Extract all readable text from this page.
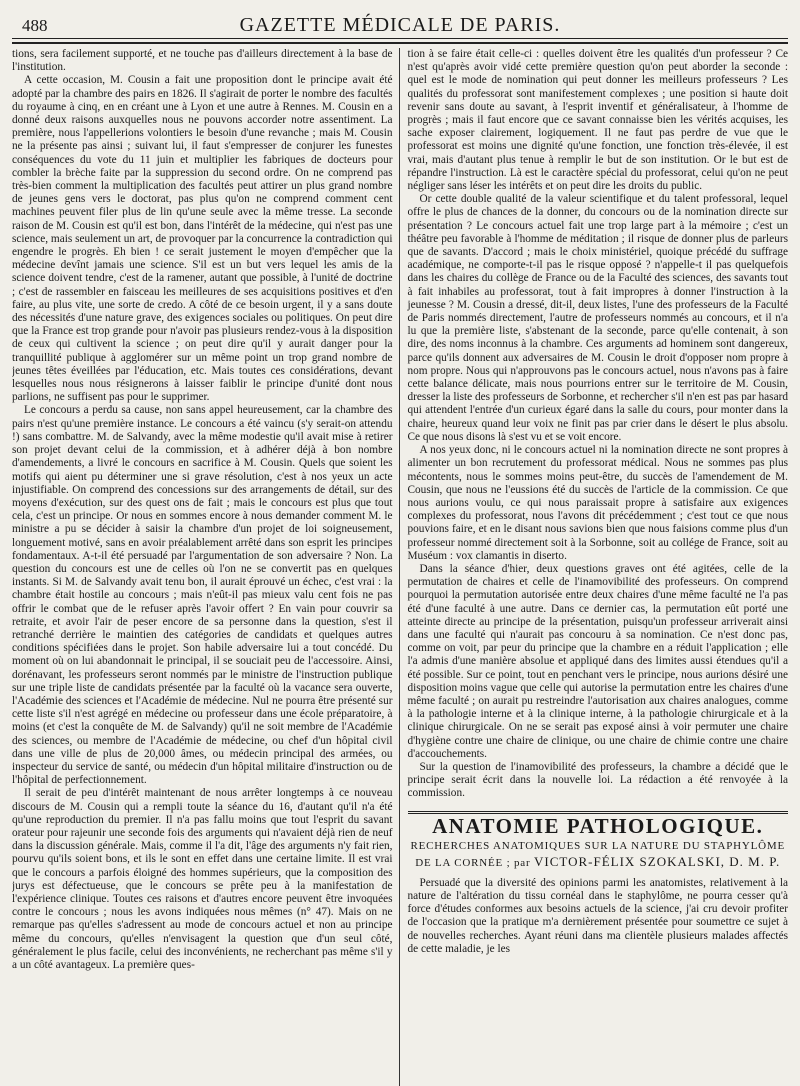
488	GAZETTE MÉDICALE DE PARIS.

tions, sera facilement supporté, et ne touche pas d'ailleurs directement à la base de l'institution.

A cette occasion, M. Cousin a fait une proposition dont le principe avait été adopté par la chambre des pairs en 1826. Il s'agirait de porter le nombre des facultés du royaume à cinq, en en créant une à Lyon et une autre à Rennes. M. Cousin en a donné deux raisons auxquelles nous ne pouvons accorder notre assentiment. La première, nous l'appellerions volontiers le besoin d'une revanche ; mais M. Cousin ne la présente pas ainsi ; suivant lui, il faut s'empresser de conjurer les funestes conséquences du vote du 11 juin et multiplier les fabriques de docteurs pour combler la brèche faite par la suppression du second ordre. On ne comprend pas très-bien comment la multiplication des facultés peut attirer un plus grand nombre de jeunes gens vers le doctorat, pas plus qu'on ne comprend comment cent machines peuvent filer plus de lin qu'une seule avec la même tresse. La seconde raison de M. Cousin est qu'il est bon, dans l'intérêt de la médecine, qui n'est pas une science, mais seulement un art, de provoquer par la concurrence la contradiction qui engendre le progrès. Eh bien ! ce serait justement le moyen d'empêcher que la médecine devînt jamais une science. S'il est un but vers lequel les amis de la science doivent tendre, c'est de la ramener, autant que possible, à l'unité de doctrine ; c'est de rassembler en faisceau les meilleures de ses acquisitions positives et d'en faire, au plus vite, une sorte de credo. A côté de ce besoin urgent, il y a sans doute des nécessités d'une nature grave, des exigences sociales ou politiques. On peut dire que la France est trop grande pour n'avoir pas plusieurs rendez-vous à la disposition de ceux qui cultivent la science ; on peut dire qu'il y aurait danger pour la tranquillité publique à agglomérer sur un même point un trop grand nombre de jeunes têtes éveillées par l'éducation, etc. Mais toutes ces considérations, devant lesquelles nous nous résignerons à laisser faiblir le principe d'unité dont nous parlions, ne suffisent pas pour le supprimer.

Le concours a perdu sa cause, non sans appel heureusement, car la chambre des pairs n'est qu'une première instance. Le concours a été vaincu (s'y serait-on attendu !) sans combattre. M. de Salvandy, avec la même modestie qu'il avait mise à retirer son projet devant celui de la commission, et à adhérer déjà à bon nombre d'amendements, a livré le concours en sacrifice à M. Cousin. Quels que soient les motifs qui aient pu déterminer une si grave résolution, c'est à nos yeux un acte injustifiable. On comprend des concessions sur des arrangements de détail, sur des moyens d'exécution, sur des quest ons de fait ; mais le concours est plus que tout cela, c'est un principe. Or nous en sommes encore à nous demander comment M. le ministre a pu se décider à saisir la chambre d'un projet de loi soigneusement, longuement motivé, sans en avoir préalablement arrêté dans son esprit les principes fondamentaux. A-t-il été persuadé par l'argumentation de son adversaire ? Non. La question du concours est une de celles où l'on ne se convertit pas en quelques instants. Si M. de Salvandy avait tenu bon, il aurait éprouvé un échec, c'est vrai : la chambre était hostile au concours ; mais n'eût-il pas mieux valu cent fois ne pas offrir le combat que de le refuser après l'avoir offert ? En vain pour couvrir sa retraite, et avoir l'air de peser encore de sa personne dans la question, s'est il retranché derrière le maintien des catégories de candidats et quelques autres conditions spécifiées dans le projet. Son habile adversaire lui a tout concédé. Du moment où on lui abandonnait le principal, il se souciait peu de l'accessoire. Ainsi, dorénavant, les professeurs seront nommés par le ministre de l'instruction publique sur une triple liste de candidats présentée par la faculté où la vacance sera ouverte, l'Académie des sciences et l'Académie de médecine. Nul ne pourra être présenté sur cette liste s'il n'est agrégé en médecine ou professeur dans une école préparatoire, à moins (et c'est la conquête de M. de Salvandy) qu'il ne soit membre de l'Académie des sciences, ou membre de l'Académie de médecine, ou chef d'un hôpital civil dans une ville de plus de 20,000 âmes, ou médecin principal des armées, ou inspecteur du service de santé, ou médecin d'un hôpital militaire d'instruction ou de l'hôpital de perfectionnement.

Il serait de peu d'intérêt maintenant de nous arrêter longtemps à ce nouveau discours de M. Cousin qui a rempli toute la séance du 16, d'autant qu'il n'a été qu'une reproduction du premier. Il n'a pas fallu moins que tout l'esprit du savant orateur pour rajeunir une seconde fois des arguments qui n'avaient déjà rien de neuf dans la discussion générale. Mais, comme il l'a dit, l'âge des arguments n'y fait rien, pourvu qu'ils soient bons, et ils le sont en effet dans une certaine limite. Il est vrai que le concours a parfois éloigné des hommes supérieurs, que la composition des jurys est défectueuse, que le concours se prête peu à la manifestation de l'expérience clinique. Toutes ces raisons et d'autres encore peuvent être invoquées contre le concours ; nous les avons indiquées nous mêmes (n° 47). Mais on ne remarque pas qu'elles s'adressent au mode de concours actuel et non au principe même du concours, qu'elles n'envisagent la question que d'un seul côté, généralement le plus facile, celui des inconvénients, ne recherchant pas même s'il y a un côté avantageux. La première ques-

tion à se faire était celle-ci : quelles doivent être les qualités d'un professeur ? Ce n'est qu'après avoir vidé cette première question qu'on peut aborder la seconde : quel est le mode de nomination qui peut donner les meilleurs professeurs ? Les qualités du professorat sont manifestement complexes ; une position si haute doit revenir sans doute au savant, à l'esprit inventif et généralisateur, à l'homme de progrès ; mais il faut encore que ce savant connaisse bien les vérités acquises, les sache exposer clairement, logiquement. Il ne faut pas perdre de vue que le professorat est moins une dignité qu'une fonction, une fonction très-élevée, il est vrai, mais d'autant plus tenue à remplir le but de son institution. Or le but est de répandre l'instruction. Là est le caractère spécial du professorat, celui qu'on ne peut négliger sans léser les intérêts et on peut dire les droits du public.

Or cette double qualité de la valeur scientifique et du talent professoral, lequel offre le plus de chances de la donner, du concours ou de la nomination directe sur présentation ? Le concours actuel fait une trop large part à la mémoire ; c'est un théâtre peu favorable à l'homme de méditation ; il risque de donner plus de parleurs que de savants. D'accord ; mais le choix ministériel, quoique précédé du suffrage académique, ne comporte-t-il pas le risque opposé ? n'appelle-t il pas quelquefois dans les chaires du collège de France ou de la Faculté des sciences, des savants tout à fait inhabiles au professorat, tout à fait impropres à donner l'instruction à la jeunesse ? M. Cousin a dressé, dit-il, deux listes, l'une des professeurs de la Faculté de Paris nommés directement, l'autre de professeurs nommés au concours, et il n'a lu que la première liste, s'abstenant de la seconde, parce qu'elle contenait, à son dire, des noms inconnus à la chambre. Ces arguments ad hominem sont dangereux, parce qu'ils donnent aux adversaires de M. Cousin le droit d'opposer nom propre à nom propre. Nous qui n'approuvons pas le concours actuel, nous n'avons pas à faire cette balance délicate, mais nous pourrions entrer sur le territoire de M. Cousin, dresser la liste des professeurs de Sorbonne, et rechercher s'il n'en est pas par hasard qui attendent l'entrée d'un curieux égaré dans la salle du cours, pour monter dans la chaire, heureux quand leur voix ne finit pas par crier dans le désert le plus absolu. Ce que nous disons là s'est vu et se voit encore.

A nos yeux donc, ni le concours actuel ni la nomination directe ne sont propres à alimenter un bon recrutement du professorat médical. Nous ne sommes pas plus mécontents, nous le sommes moins peut-être, du succès de l'amendement de M. Cousin, que nous ne l'eussions été du succès de l'article de la commission. Ce que nous aurions voulu, ce qui nous paraissait propre à satisfaire aux exigences complexes du professorat, nous l'avons dit précédemment ; c'est tout ce que nous pouvions faire, et en le disant nous savions bien que nous faisions comme plus d'un professeur nommé directement soit à la Sorbonne, soit au collége de France, soit au Muséum : vox clamantis in diserto.

Dans la séance d'hier, deux questions graves ont été agitées, celle de la permutation de chaires et celle de l'inamovibilité des professeurs. On comprend pourquoi la permutation autorisée entre deux chaires d'une même faculté ne l'a pas été d'une faculté à une autre. Dans ce dernier cas, la permutation eût porté une atteinte directe au principe de la présentation, puisqu'un professeur arriverait ainsi dans une faculté qui n'aurait pas concouru à sa nomination. Ce n'est donc pas, comme on voit, par peur du principe que la chambre en a réduit l'application ; elle l'a admis d'une manière absolue et appliqué dans des limites aussi étendues qu'il a été possible. Sur ce point, tout en penchant vers le principe, nous aurions désiré une disposition moins vague que celle qui autorise la permutation entre les chaires d'une même faculté ; on aurait pu restreindre l'autorisation aux chaires analogues, comme à la pathologie interne et à la clinique interne, à la pathologie chirurgicale et à la clinique chirurgicale. On ne se serait pas exposé ainsi à voir permuter une chaire d'hygiène contre une chaire de clinique, ou une chaire de chimie contre une chaire d'accouchements.

Sur la question de l'inamovibilité des professeurs, la chambre a décidé que le principe serait écrit dans la nouvelle loi. La rédaction a été renvoyée à la commission.

ANATOMIE PATHOLOGIQUE.
RECHERCHES ANATOMIQUES SUR LA NATURE DU STAPHYLÔME
DE LA CORNÉE ; par VICTOR-FÉLIX SZOKALSKI, D. M. P.

Persuadé que la diversité des opinions parmi les anatomistes, relativement à la nature de l'altération du tissu cornéal dans le staphylôme, ne pourra cesser qu'à force d'études conformes aux besoins actuels de la science, j'ai cru devoir profiter de l'occasion que la pratique m'a dernièrement présentée pour soumettre ce sujet à de nouvelles recherches. Ayant réuni dans ma clientèle plusieurs malades affectés de cette maladie, je les
